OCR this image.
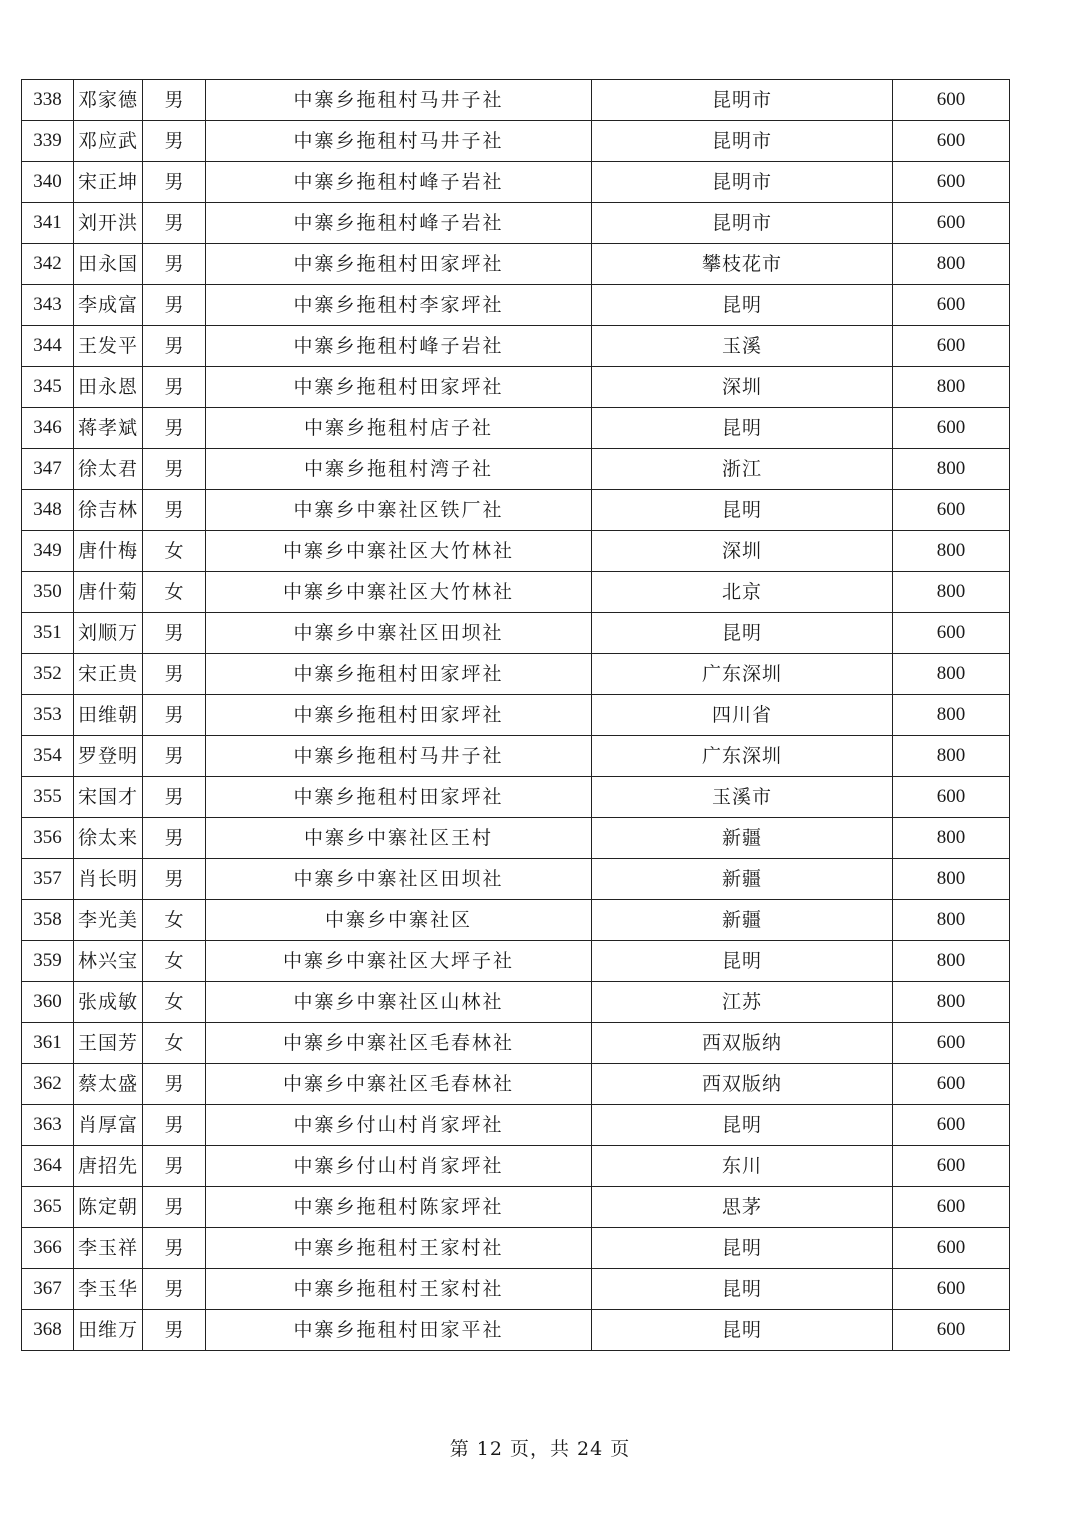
338	邓家德	男	中寨乡拖租村马井子社	昆明市	600
339	邓应武	男	中寨乡拖租村马井子社	昆明市	600
340	宋正坤	男	中寨乡拖租村峰子岩社	昆明市	600
341	刘开洪	男	中寨乡拖租村峰子岩社	昆明市	600
342	田永国	男	中寨乡拖租村田家坪社	攀枝花市	800
343	李成富	男	中寨乡拖租村李家坪社	昆明	600
344	王发平	男	中寨乡拖租村峰子岩社	玉溪	600
345	田永恩	男	中寨乡拖租村田家坪社	深圳	800
346	蒋孝斌	男	中寨乡拖租村店子社	昆明	600
347	徐太君	男	中寨乡拖租村湾子社	浙江	800
348	徐吉林	男	中寨乡中寨社区铁厂社	昆明	600
349	唐什梅	女	中寨乡中寨社区大竹林社	深圳	800
350	唐什菊	女	中寨乡中寨社区大竹林社	北京	800
351	刘顺万	男	中寨乡中寨社区田坝社	昆明	600
352	宋正贵	男	中寨乡拖租村田家坪社	广东深圳	800
353	田维朝	男	中寨乡拖租村田家坪社	四川省	800
354	罗登明	男	中寨乡拖租村马井子社	广东深圳	800
355	宋国才	男	中寨乡拖租村田家坪社	玉溪市	600
356	徐太来	男	中寨乡中寨社区王村	新疆	800
357	肖长明	男	中寨乡中寨社区田坝社	新疆	800
358	李光美	女	中寨乡中寨社区	新疆	800
359	林兴宝	女	中寨乡中寨社区大坪子社	昆明	800
360	张成敏	女	中寨乡中寨社区山林社	江苏	800
361	王国芳	女	中寨乡中寨社区毛春林社	西双版纳	600
362	蔡太盛	男	中寨乡中寨社区毛春林社	西双版纳	600
363	肖厚富	男	中寨乡付山村肖家坪社	昆明	600
364	唐招先	男	中寨乡付山村肖家坪社	东川	600
365	陈定朝	男	中寨乡拖租村陈家坪社	思茅	600
366	李玉祥	男	中寨乡拖租村王家村社	昆明	600
367	李玉华	男	中寨乡拖租村王家村社	昆明	600
368	田维万	男	中寨乡拖租村田家平社	昆明	600
第 12 页，共 24 页
